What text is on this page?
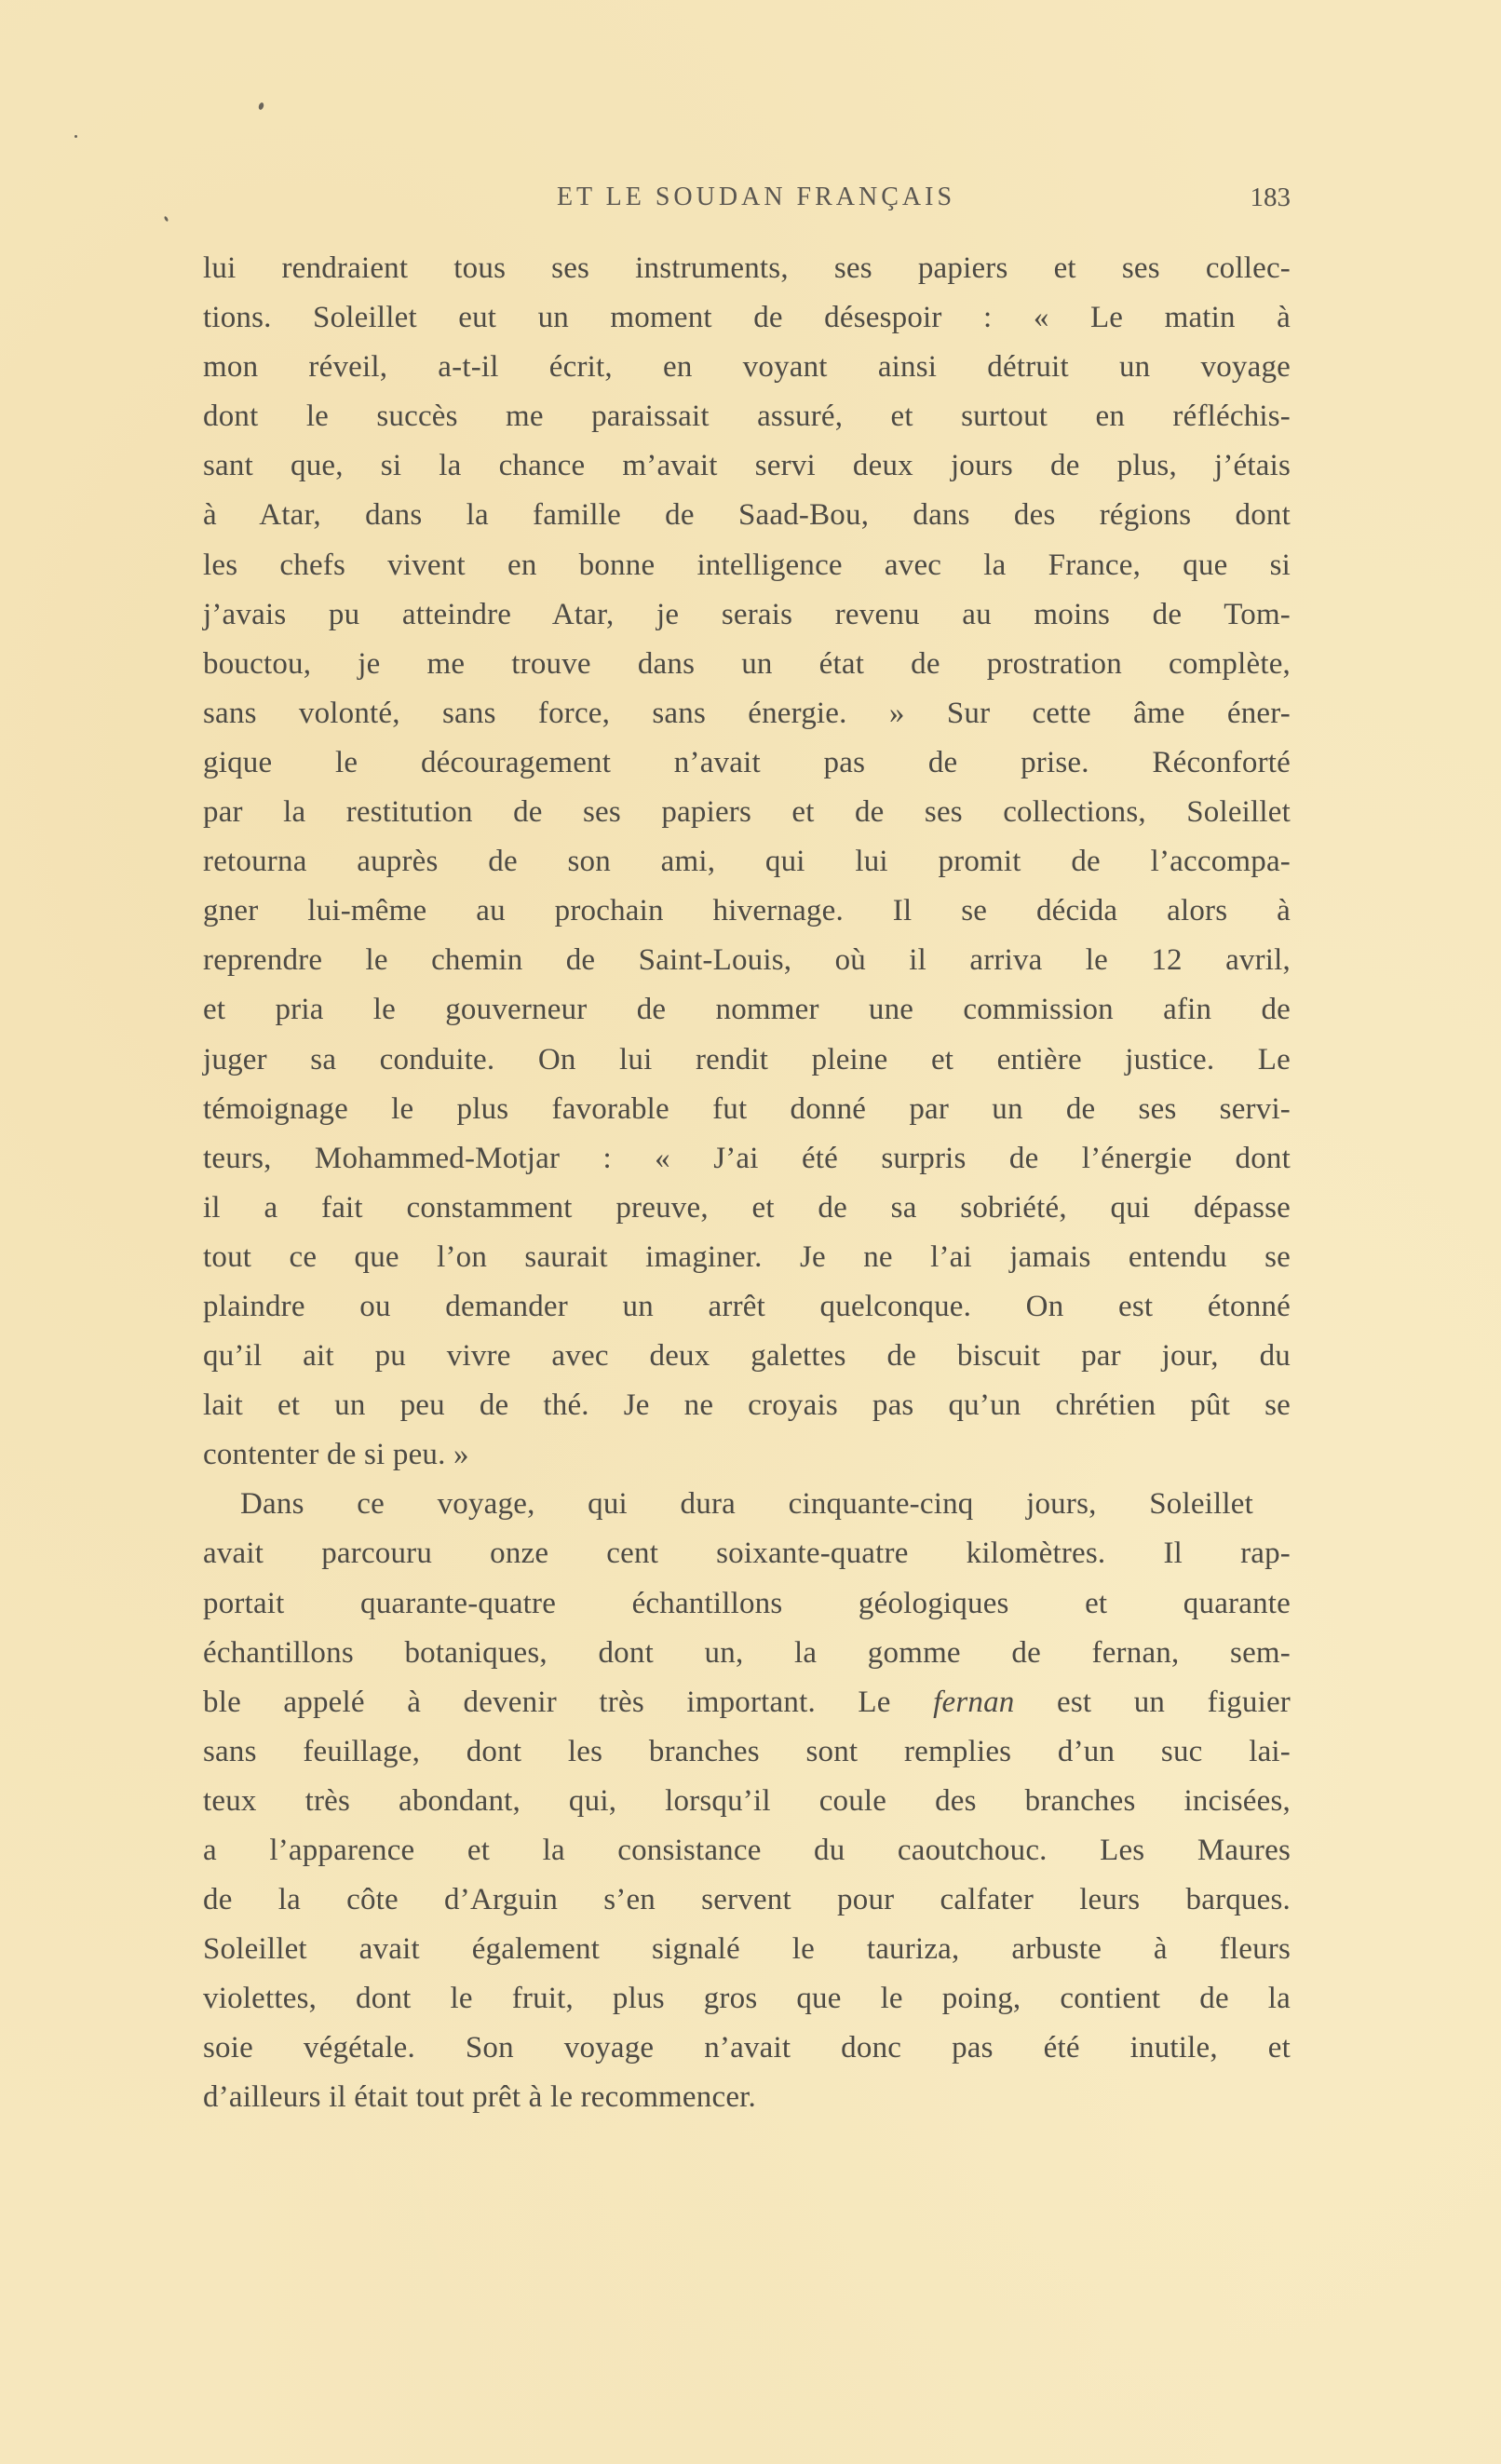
ET LE SOUDAN FRANÇAIS	183
lui rendraient tous ses instruments, ses papiers et ses collec-
tions. Soleillet eut un moment de désespoir : « Le matin à
mon réveil, a-t-il écrit, en voyant ainsi détruit un voyage
dont le succès me paraissait assuré, et surtout en réfléchis-
sant que, si la chance m’avait servi deux jours de plus, j’étais
à Atar, dans la famille de Saad-Bou, dans des régions dont
les chefs vivent en bonne intelligence avec la France, que si
j’avais pu atteindre Atar, je serais revenu au moins de Tom-
bouctou, je me trouve dans un état de prostration complète,
sans volonté, sans force, sans énergie. » Sur cette âme éner-
gique le découragement n’avait pas de prise. Réconforté
par la restitution de ses papiers et de ses collections, Soleillet
retourna auprès de son ami, qui lui promit de l’accompa-
gner lui-même au prochain hivernage. Il se décida alors à
reprendre le chemin de Saint-Louis, où il arriva le 12 avril,
et pria le gouverneur de nommer une commission afin de
juger sa conduite. On lui rendit pleine et entière justice. Le
témoignage le plus favorable fut donné par un de ses servi-
teurs, Mohammed-Motjar : « J’ai été surpris de l’énergie dont
il a fait constamment preuve, et de sa sobriété, qui dépasse
tout ce que l’on saurait imaginer. Je ne l’ai jamais entendu se
plaindre ou demander un arrêt quelconque. On est étonné
qu’il ait pu vivre avec deux galettes de biscuit par jour, du
lait et un peu de thé. Je ne croyais pas qu’un chrétien pût se
contenter de si peu. »
Dans ce voyage, qui dura cinquante-cinq jours, Soleillet
avait parcouru onze cent soixante-quatre kilomètres. Il rap-
portait quarante-quatre échantillons géologiques et quarante
échantillons botaniques, dont un, la gomme de fernan, sem-
ble appelé à devenir très important. Le fernan est un figuier
sans feuillage, dont les branches sont remplies d’un suc lai-
teux très abondant, qui, lorsqu’il coule des branches incisées,
a l’apparence et la consistance du caoutchouc. Les Maures
de la côte d’Arguin s’en servent pour calfater leurs barques.
Soleillet avait également signalé le tauriza, arbuste à fleurs
violettes, dont le fruit, plus gros que le poing, contient de la
soie végétale. Son voyage n’avait donc pas été inutile, et
d’ailleurs il était tout prêt à le recommencer.
